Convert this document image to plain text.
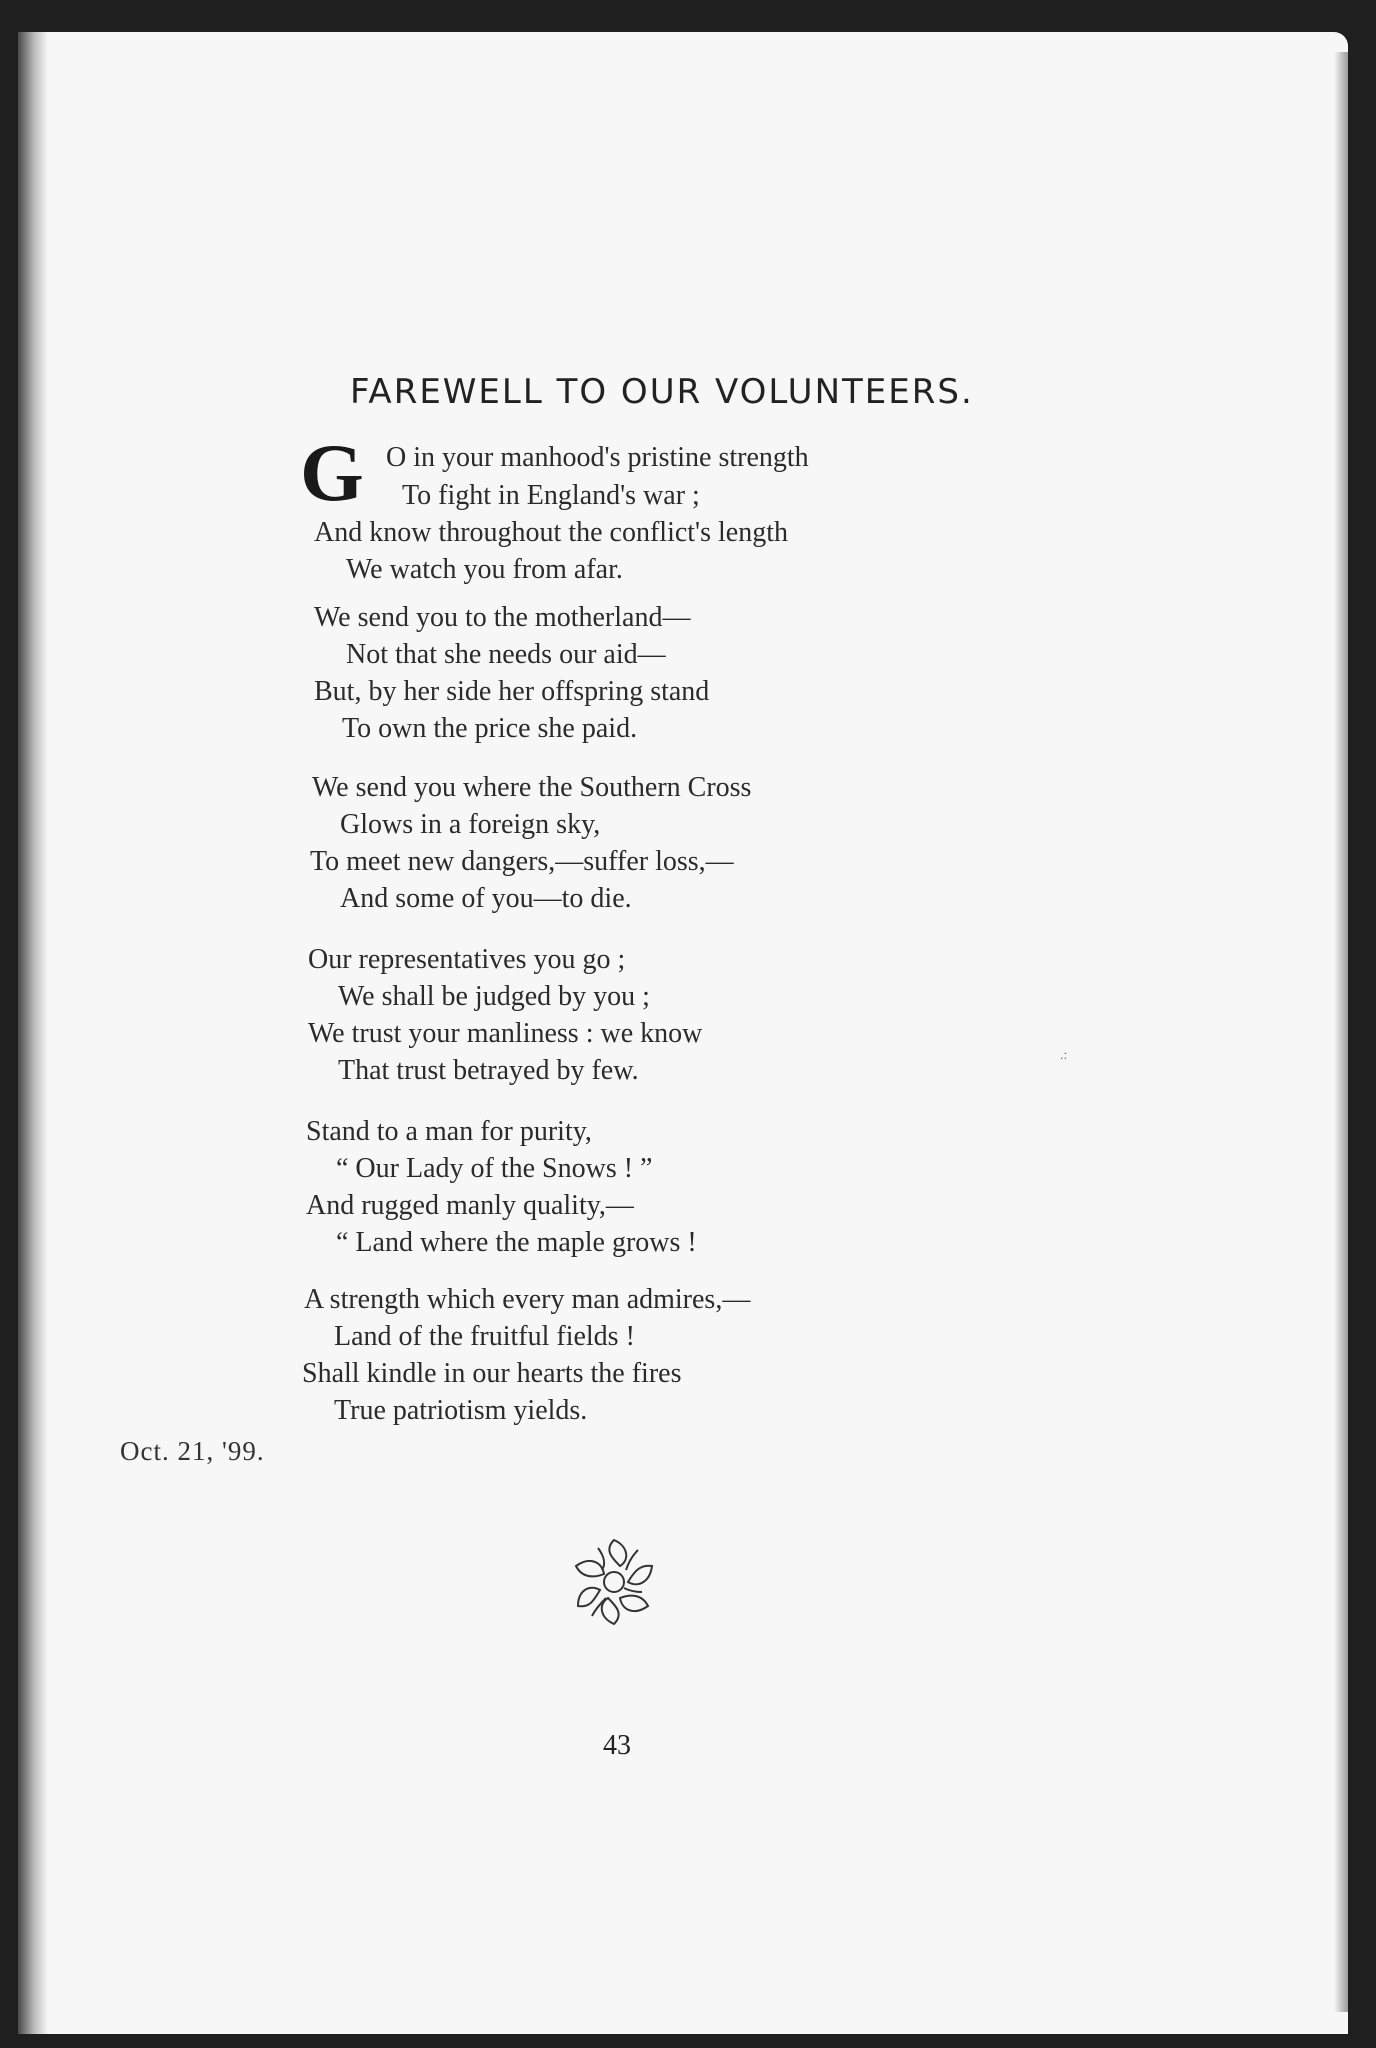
FAREWELL TO OUR VOLUNTEERS.
G O in your manhood's pristine strength
To fight in England's war ;
And know throughout the conflict's length
We watch you from afar.
We send you to the motherland—
Not that she needs our aid—
But, by her side her offspring stand
To own the price she paid.
We send you where the Southern Cross
Glows in a foreign sky,
To meet new dangers,—suffer loss,—
And some of you—to die.
Our representatives you go ;
We shall be judged by you ;
We trust your manliness : we know
That trust betrayed by few.
Stand to a man for purity,
“ Our Lady of the Snows ! ”
And rugged manly quality,—
“ Land where the maple grows !
A strength which every man admires,—
Land of the fruitful fields !
Shall kindle in our hearts the fires
True patriotism yields.
Oct. 21, '99.
43
.:
